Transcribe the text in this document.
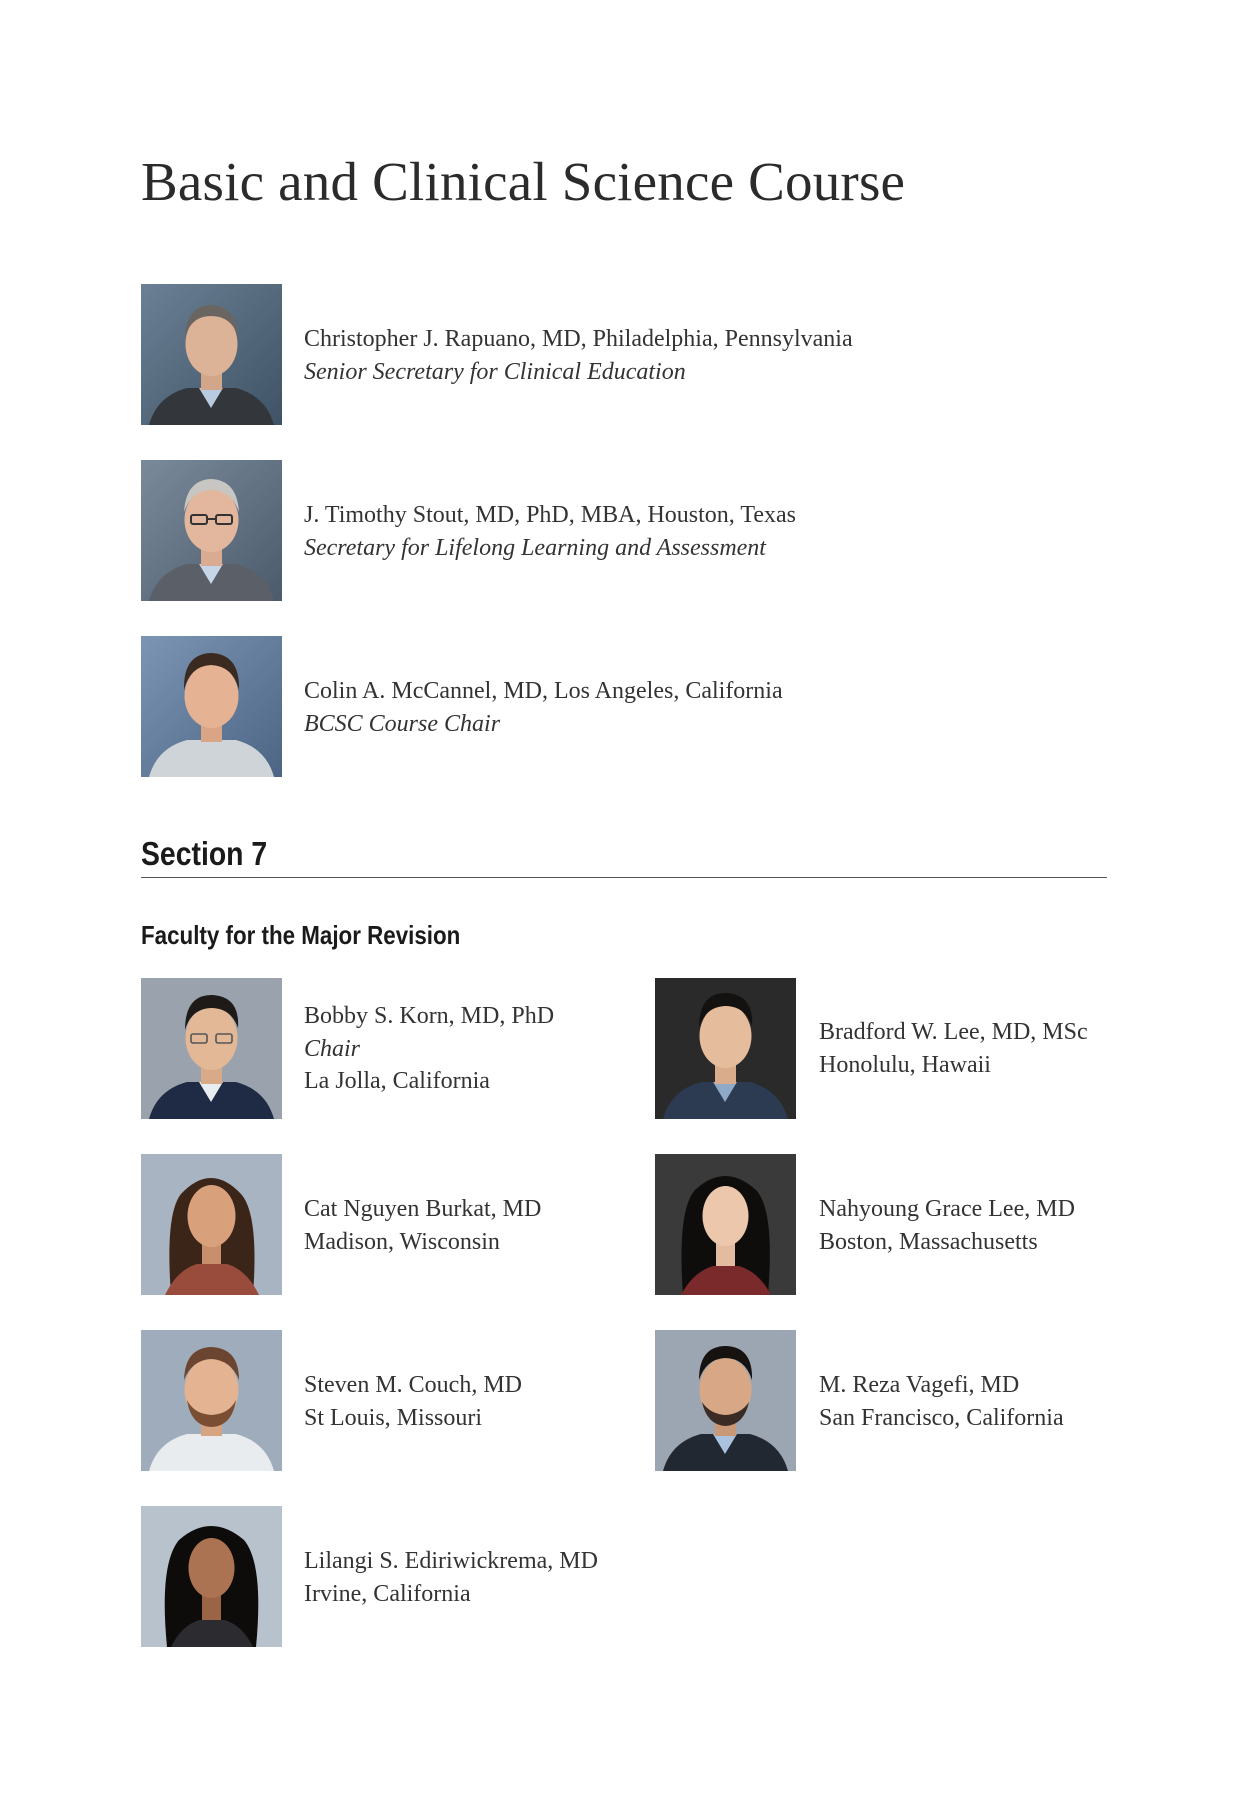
Basic and Clinical Science Course
Christopher J. Rapuano, MD, Philadelphia, Pennsylvania
Senior Secretary for Clinical Education
J. Timothy Stout, MD, PhD, MBA, Houston, Texas
Secretary for Lifelong Learning and Assessment
Colin A. McCannel, MD, Los Angeles, California
BCSC Course Chair
Section 7
Faculty for the Major Revision
Bobby S. Korn, MD, PhD
Chair
La Jolla, California
Bradford W. Lee, MD, MSc
Honolulu, Hawaii
Cat Nguyen Burkat, MD
Madison, Wisconsin
Nahyoung Grace Lee, MD
Boston, Massachusetts
Steven M. Couch, MD
St Louis, Missouri
M. Reza Vagefi, MD
San Francisco, California
Lilangi S. Ediriwickrema, MD
Irvine, California
